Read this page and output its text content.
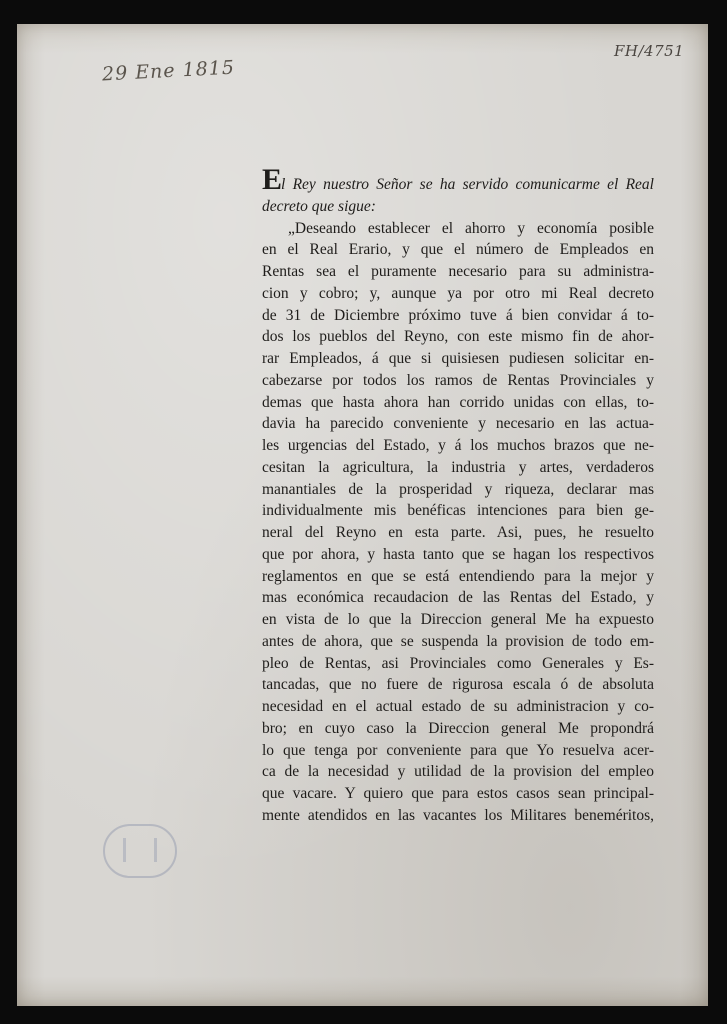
29 Ene 1815
FH/4751
El Rey nuestro Señor se ha servido comunicarme el Real
decreto que sigue:
„Deseando establecer el ahorro y economía posible
en el Real Erario, y que el número de Empleados en
Rentas sea el puramente necesario para su administra-
cion y cobro; y, aunque ya por otro mi Real decreto
de 31 de Diciembre próximo tuve á bien convidar á to-
dos los pueblos del Reyno, con este mismo fin de ahor-
rar Empleados, á que si quisiesen pudiesen solicitar en-
cabezarse por todos los ramos de Rentas Provinciales y
demas que hasta ahora han corrido unidas con ellas, to-
davia ha parecido conveniente y necesario en las actua-
les urgencias del Estado, y á los muchos brazos que ne-
cesitan la agricultura, la industria y artes, verdaderos
manantiales de la prosperidad y riqueza, declarar mas
individualmente mis benéficas intenciones para bien ge-
neral del Reyno en esta parte. Asi, pues, he resuelto
que por ahora, y hasta tanto que se hagan los respectivos
reglamentos en que se está entendiendo para la mejor y
mas económica recaudacion de las Rentas del Estado, y
en vista de lo que la Direccion general Me ha expuesto
antes de ahora, que se suspenda la provision de todo em-
pleo de Rentas, asi Provinciales como Generales y Es-
tancadas, que no fuere de rigurosa escala ó de absoluta
necesidad en el actual estado de su administracion y co-
bro; en cuyo caso la Direccion general Me propondrá
lo que tenga por conveniente para que Yo resuelva acer-
ca de la necesidad y utilidad de la provision del empleo
que vacare. Y quiero que para estos casos sean principal-
mente atendidos en las vacantes los Militares beneméritos,
